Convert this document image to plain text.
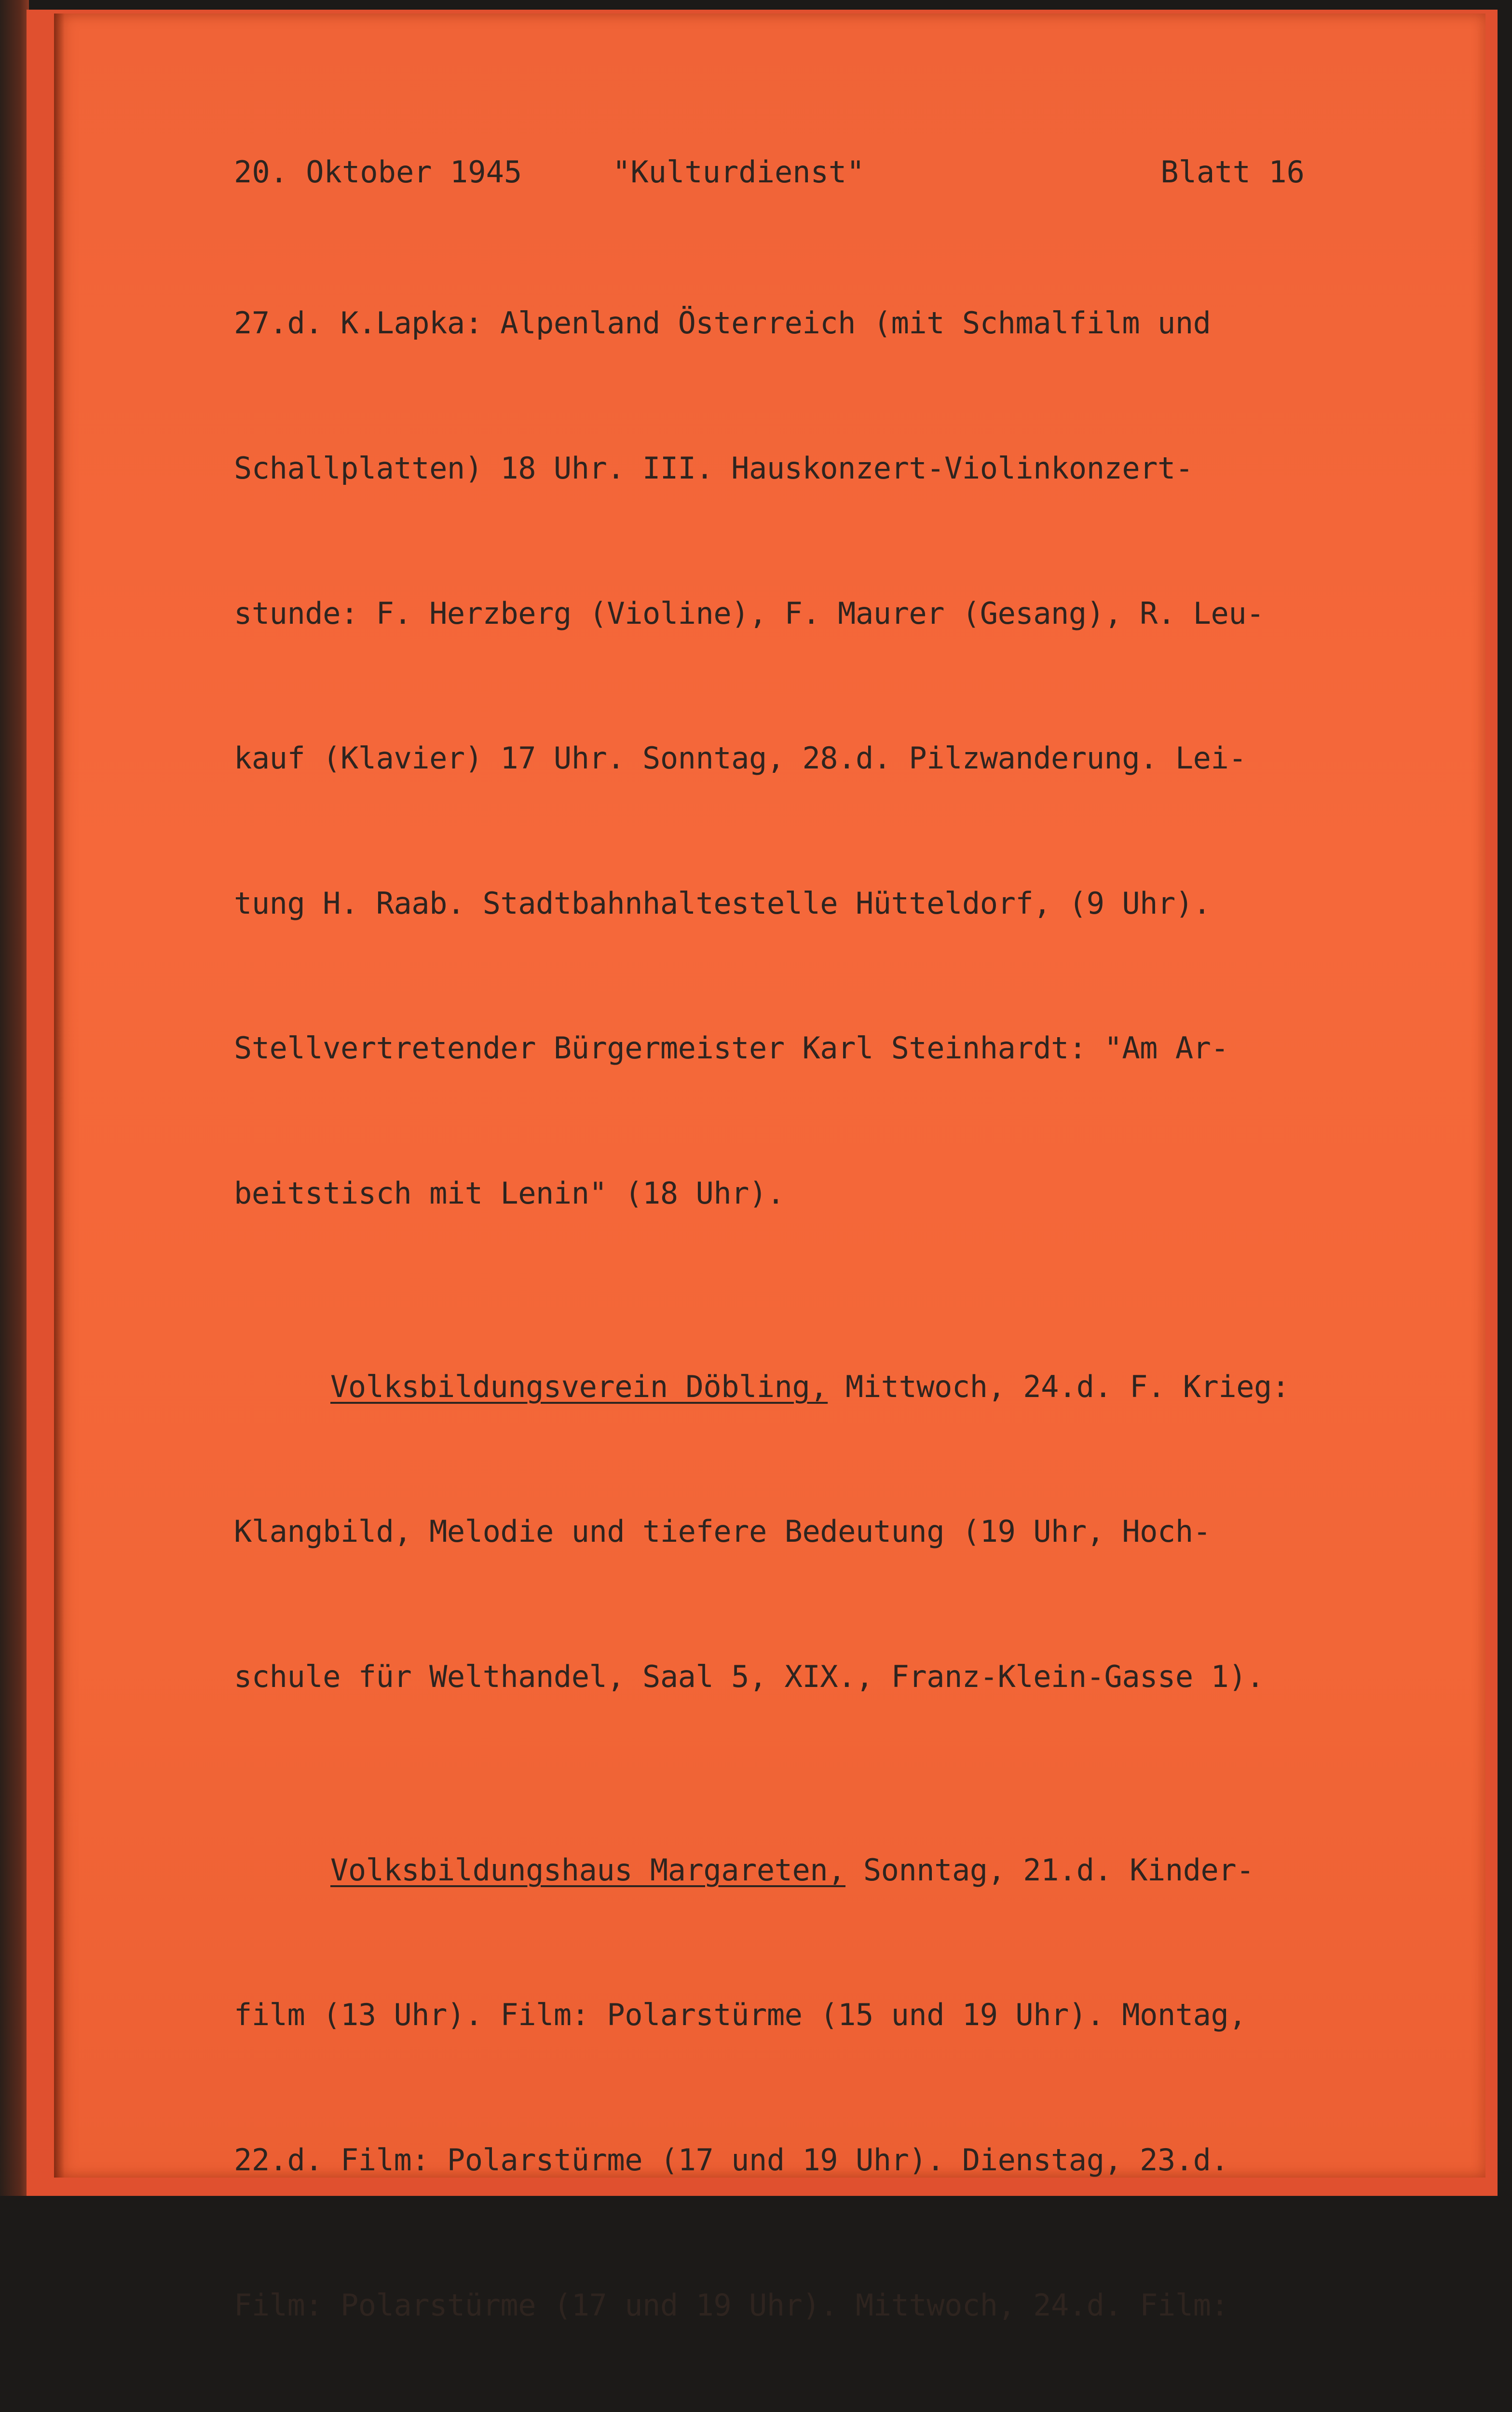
20. Oktober 1945

	"Kulturdienst"

	Blatt 16

27.d. K.Lapka: Alpenland Österreich (mit Schmalfilm und

Schallplatten) 18 Uhr. III. Hauskonzert-Violinkonzert-

stunde: F. Herzberg (Violine), F. Maurer (Gesang), R. Leu-

kauf (Klavier) 17 Uhr. Sonntag, 28.d. Pilzwanderung. Lei-

tung H. Raab. Stadtbahnhaltestelle Hütteldorf, (9 Uhr).

Stellvertretender Bürgermeister Karl Steinhardt: "Am Ar-

beitstisch mit Lenin" (18 Uhr).

Volksbildungsverein Döbling, Mittwoch, 24.d. F. Krieg:

Klangbild, Melodie und tiefere Bedeutung (19 Uhr, Hoch-

schule für Welthandel, Saal 5, XIX., Franz-Klein-Gasse 1).

Volksbildungshaus Margareten, Sonntag, 21.d. Kinder-

film (13 Uhr). Film: Polarstürme (15 und 19 Uhr). Montag,

22.d. Film: Polarstürme (17 und 19 Uhr). Dienstag, 23.d.

Film: Polarstürme (17 und 19 Uhr). Mittwoch, 24.d. Film:
